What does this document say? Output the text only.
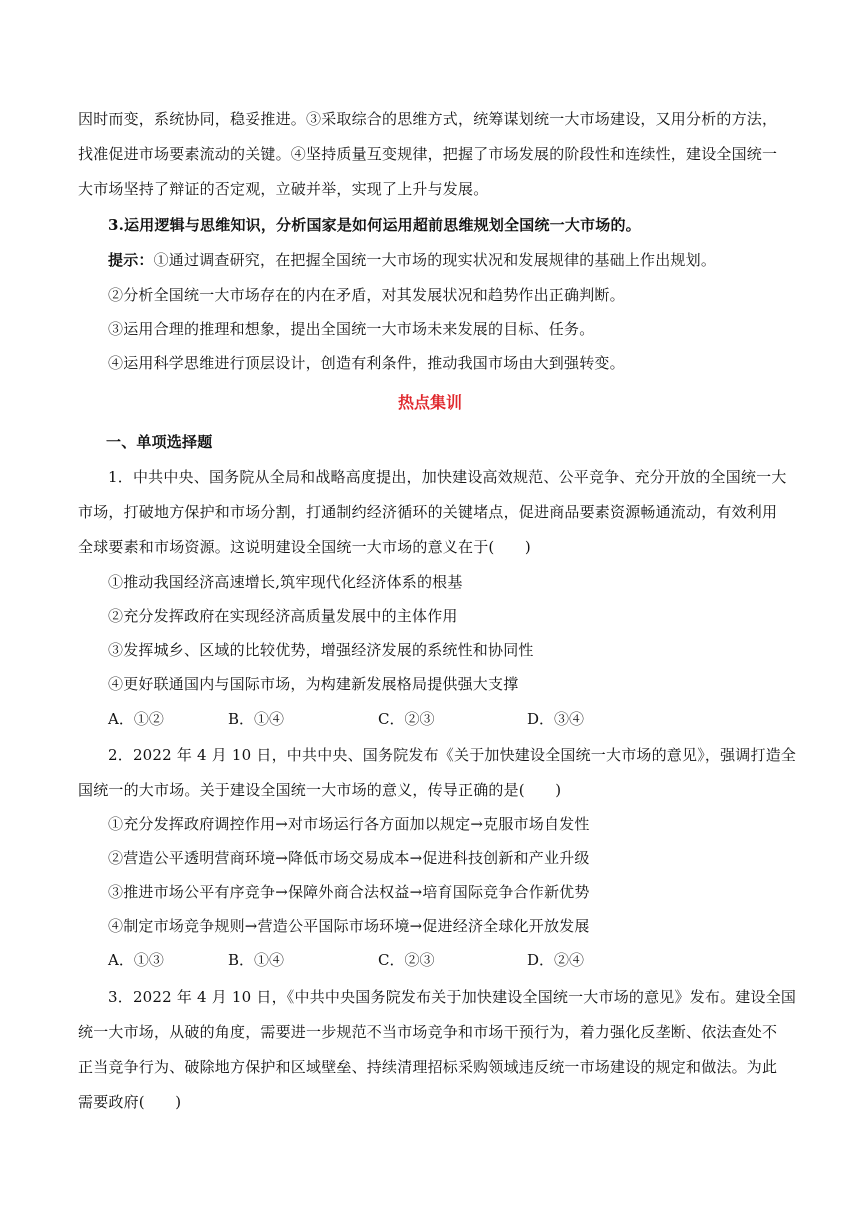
因时而变，系统协同，稳妥推进。③采取综合的思维方式，统筹谋划统一大市场建设，又用分析的方法，

找准促进市场要素流动的关键。④坚持质量互变规律，把握了市场发展的阶段性和连续性，建设全国统一

大市场坚持了辩证的否定观，立破并举，实现了上升与发展。

3.运用逻辑与思维知识，分析国家是如何运用超前思维规划全国统一大市场的。

提示：①通过调查研究，在把握全国统一大市场的现实状况和发展规律的基础上作出规划。

②分析全国统一大市场存在的内在矛盾，对其发展状况和趋势作出正确判断。

③运用合理的推理和想象，提出全国统一大市场未来发展的目标、任务。

④运用科学思维进行顶层设计，创造有利条件，推动我国市场由大到强转变。

热点集训

一、单项选择题

1．中共中央、国务院从全局和战略高度提出，加快建设高效规范、公平竞争、充分开放的全国统一大

市场，打破地方保护和市场分割，打通制约经济循环的关键堵点，促进商品要素资源畅通流动，有效利用

全球要素和市场资源。这说明建设全国统一大市场的意义在于(　　)

①推动我国经济高速增长,筑牢现代化经济体系的根基

②充分发挥政府在实现经济高质量发展中的主体作用

③发挥城乡、区域的比较优势，增强经济发展的系统性和协同性

④更好联通国内与国际市场，为构建新发展格局提供强大支撑

A．①②	B．①④	C．②③	D．③④

2．2022 年 4 月 10 日，中共中央、国务院发布《关于加快建设全国统一大市场的意见》，强调打造全

国统一的大市场。关于建设全国统一大市场的意义，传导正确的是(　　)

①充分发挥政府调控作用→对市场运行各方面加以规定→克服市场自发性

②营造公平透明营商环境→降低市场交易成本→促进科技创新和产业升级

③推进市场公平有序竞争→保障外商合法权益→培育国际竞争合作新优势

④制定市场竞争规则→营造公平国际市场环境→促进经济全球化开放发展

A．①③	B．①④	C．②③	D．②④

3．2022 年 4 月 10 日，《中共中央国务院发布关于加快建设全国统一大市场的意见》发布。建设全国

统一大市场，从破的角度，需要进一步规范不当市场竞争和市场干预行为，着力强化反垄断、依法查处不

正当竞争行为、破除地方保护和区域壁垒、持续清理招标采购领域违反统一市场建设的规定和做法。为此

需要政府(　　)
